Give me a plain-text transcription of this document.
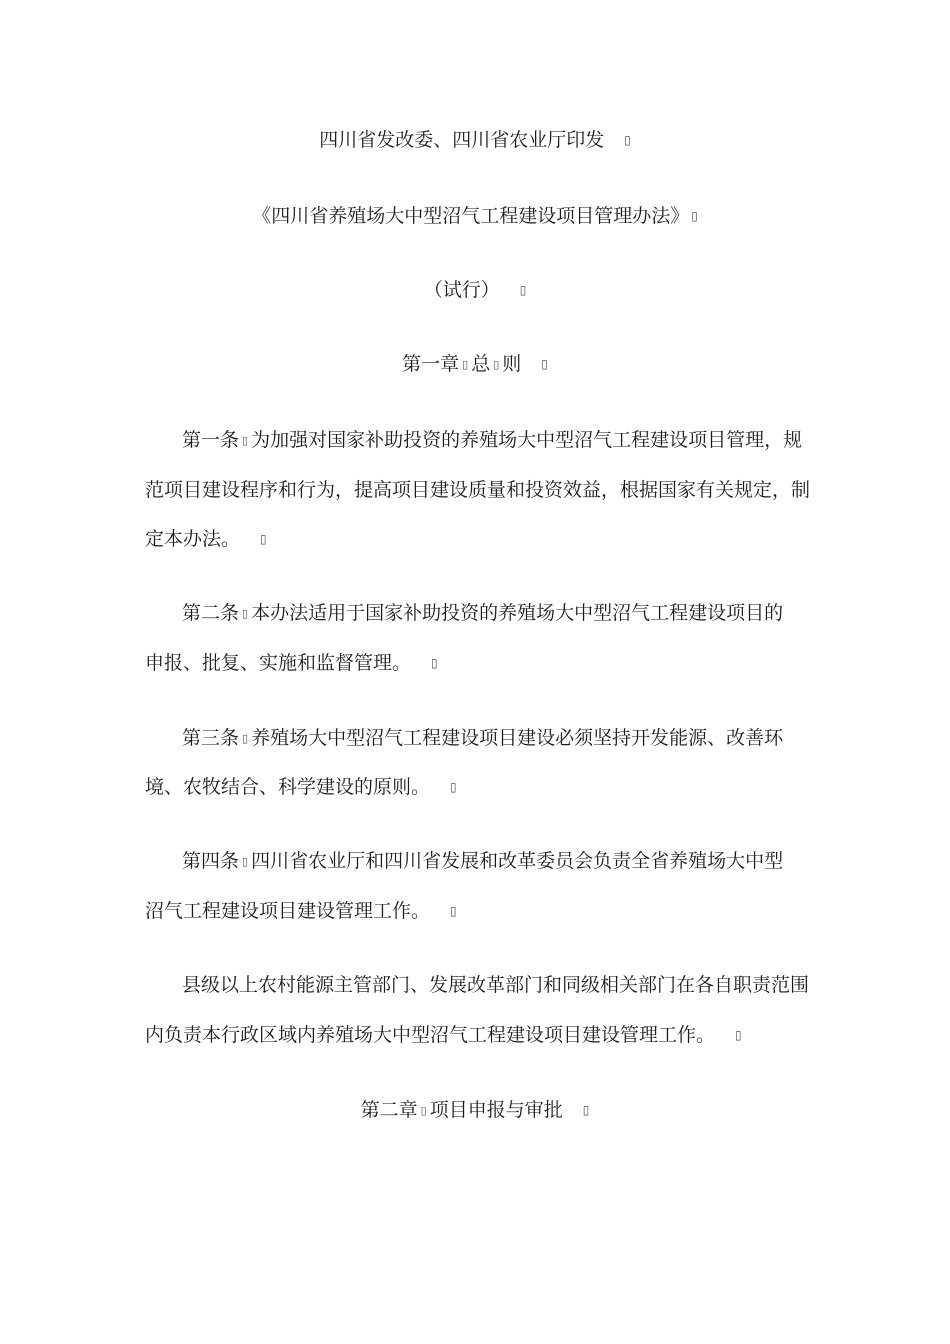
四川省发改委、四川省农业厅印发 ▯
《四川省养殖场大中型沼气工程建设项目管理办法》 ▯
（试行） ▯
第一章 ▯ 总 ▯ 则 ▯
第一条 ▯ 为加强对国家补助投资的养殖场大中型沼气工程建设项目管理，规
范项目建设程序和行为，提高项目建设质量和投资效益，根据国家有关规定，制
定本办法。 ▯
第二条 ▯ 本办法适用于国家补助投资的养殖场大中型沼气工程建设项目的
申报、批复、实施和监督管理。 ▯
第三条 ▯ 养殖场大中型沼气工程建设项目建设必须坚持开发能源、改善环
境、农牧结合、科学建设的原则。 ▯
第四条 ▯ 四川省农业厅和四川省发展和改革委员会负责全省养殖场大中型
沼气工程建设项目建设管理工作。 ▯
县级以上农村能源主管部门、发展改革部门和同级相关部门在各自职责范围
内负责本行政区域内养殖场大中型沼气工程建设项目建设管理工作。 ▯
第二章 ▯ 项目申报与审批 ▯
